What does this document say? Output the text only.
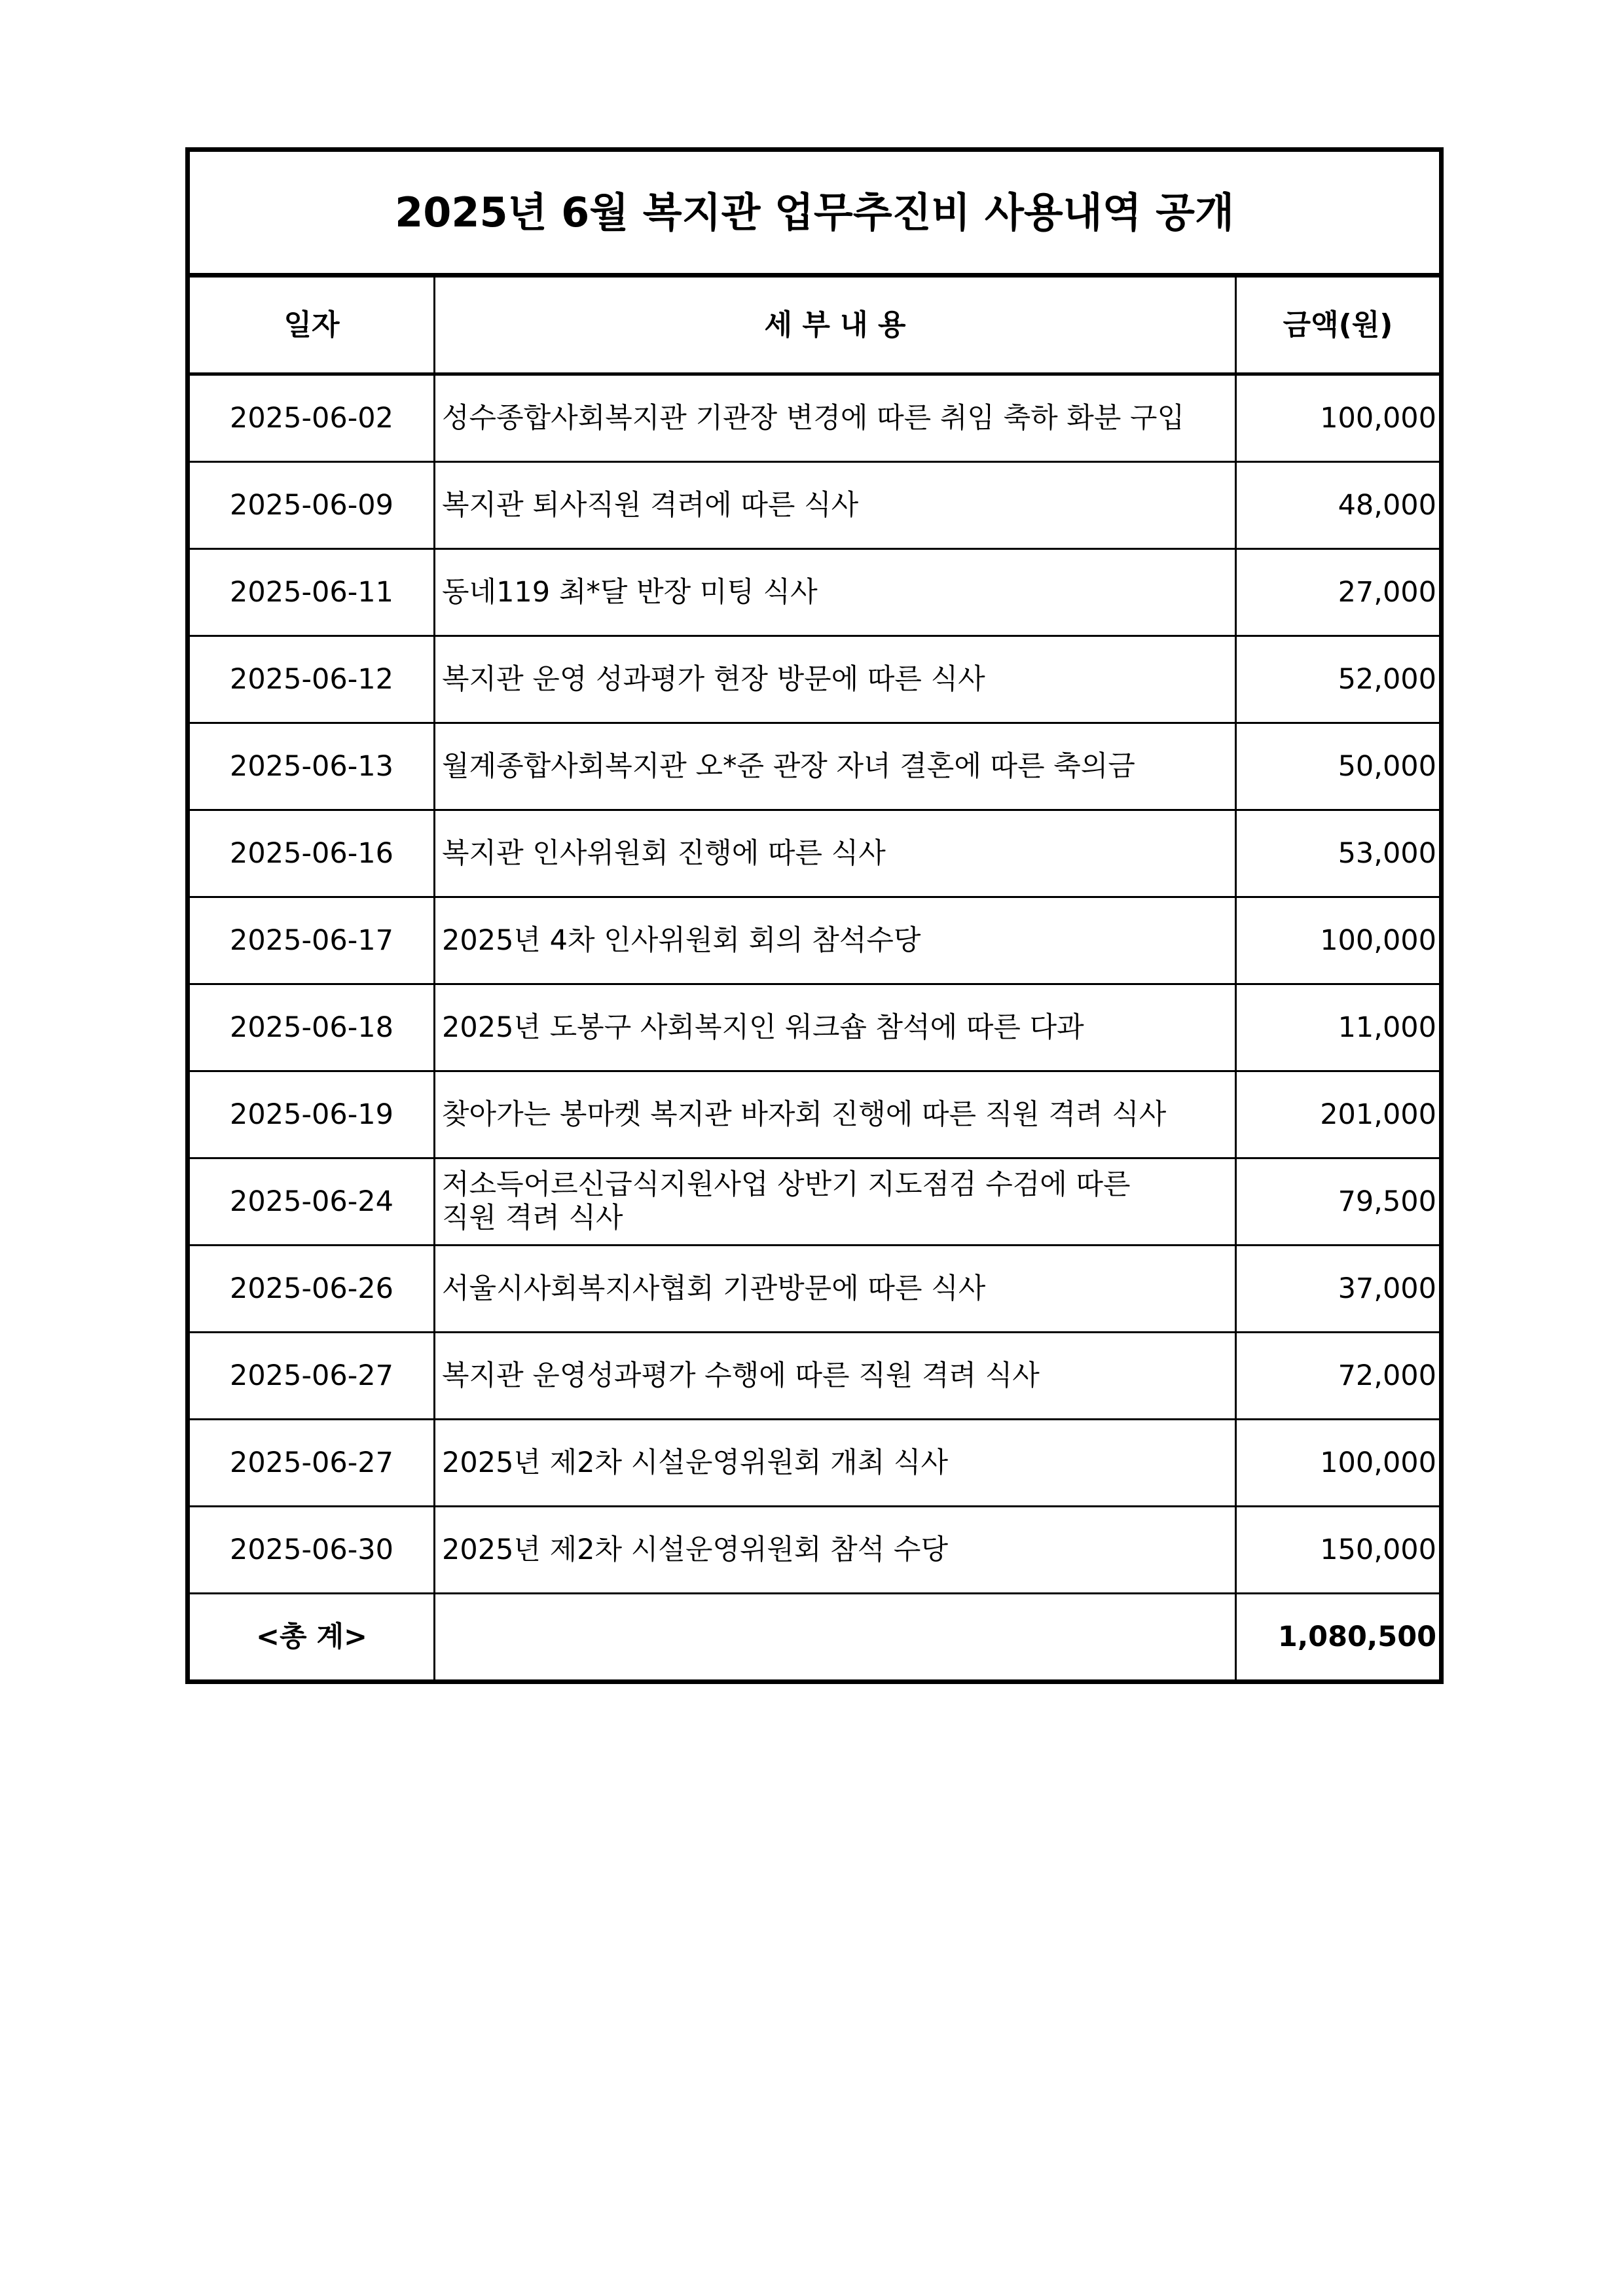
2025년 6월 복지관 업무추진비 사용내역 공개		
일자	세 부 내 용	금액(원)
2025-06-02	성수종합사회복지관 기관장 변경에 따른 취임 축하 화분 구입	100,000
2025-06-09	복지관 퇴사직원 격려에 따른 식사	48,000
2025-06-11	동네119 최*달 반장 미팅 식사	27,000
2025-06-12	복지관 운영 성과평가 현장 방문에 따른 식사	52,000
2025-06-13	월계종합사회복지관 오*준 관장 자녀 결혼에 따른 축의금	50,000
2025-06-16	복지관 인사위원회 진행에 따른 식사	53,000
2025-06-17	2025년 4차 인사위원회 회의 참석수당	100,000
2025-06-18	2025년 도봉구 사회복지인 워크숍 참석에 따른 다과	11,000
2025-06-19	찾아가는 봉마켓 복지관 바자회 진행에 따른 직원 격려 식사	201,000
2025-06-24	저소득어르신급식지원사업 상반기 지도점검 수검에 따른
직원 격려 식사	79,500
2025-06-26	서울시사회복지사협회 기관방문에 따른 식사	37,000
2025-06-27	복지관 운영성과평가 수행에 따른 직원 격려 식사	72,000
2025-06-27	2025년 제2차 시설운영위원회 개최 식사	100,000
2025-06-30	2025년 제2차 시설운영위원회 참석 수당	150,000
<총 계>		1,080,500
